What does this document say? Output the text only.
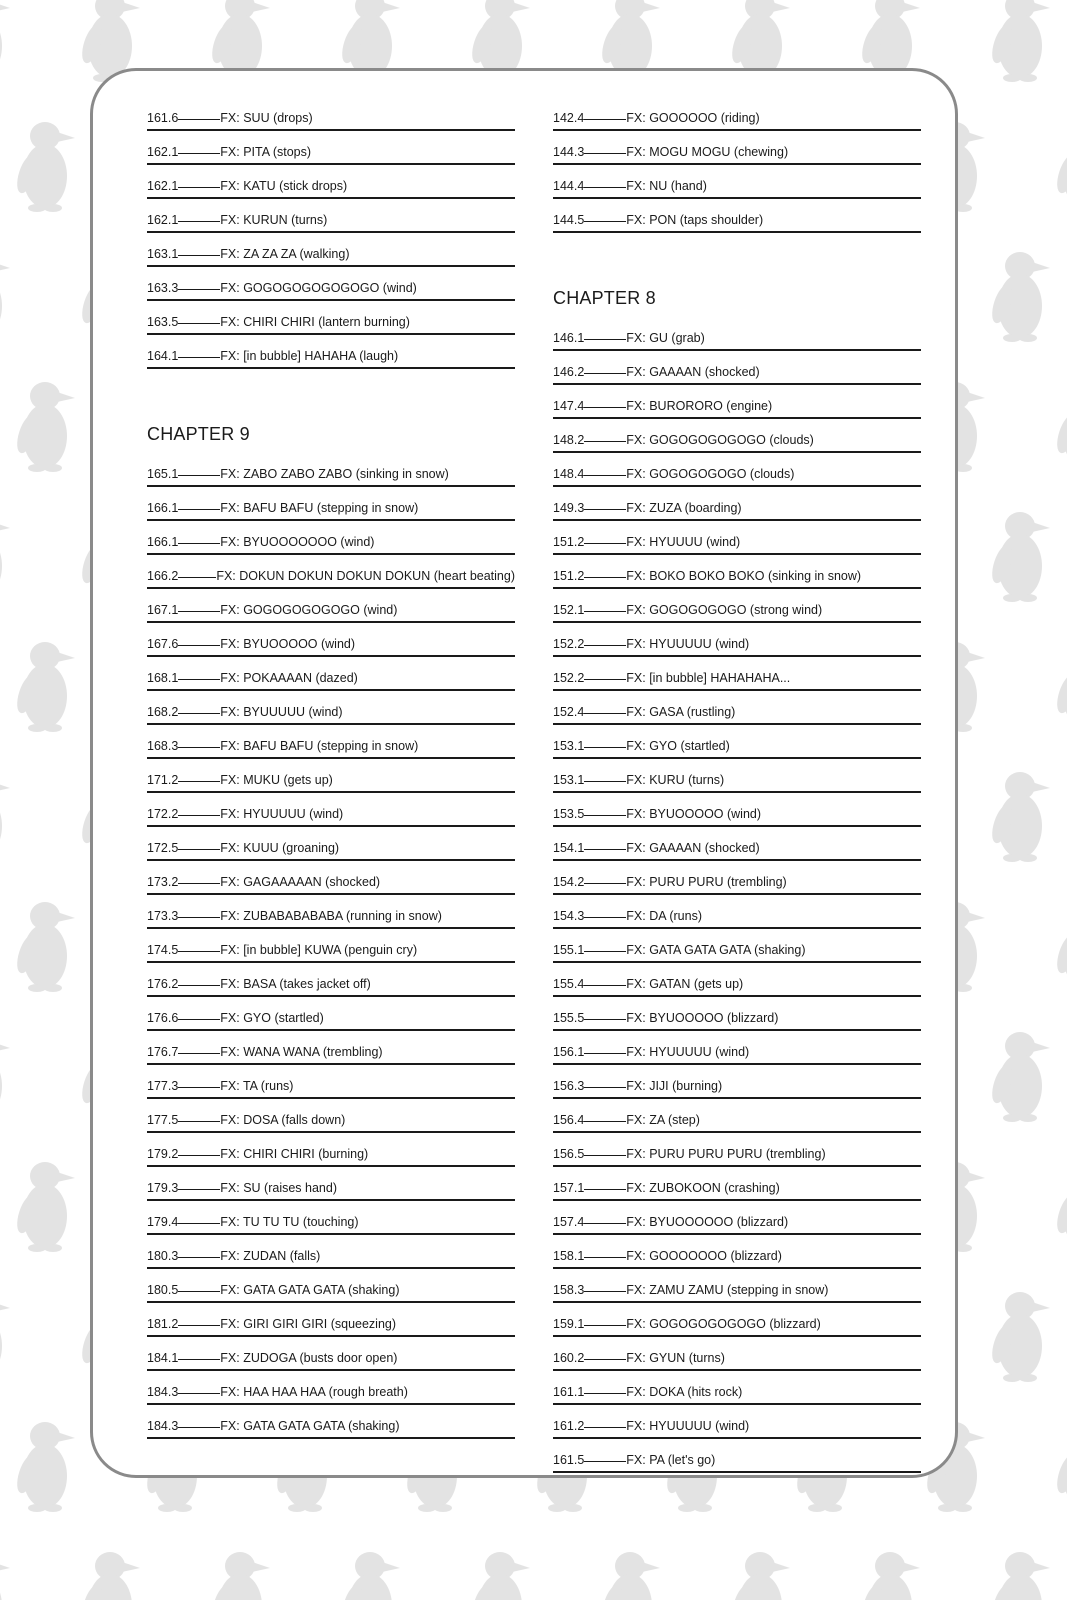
161.6	FX: SUU (drops)
162.1	FX: PITA (stops)
162.1	FX: KATU (stick drops)
162.1	FX: KURUN (turns)
163.1	FX: ZA ZA ZA (walking)
163.3	FX: GOGOGOGOGOGOGO (wind)
163.5	FX: CHIRI CHIRI (lantern burning)
164.1	FX: [in bubble] HAHAHA (laugh)
CHAPTER 9
165.1	FX: ZABO ZABO ZABO (sinking in snow)
166.1	FX: BAFU BAFU (stepping in snow)
166.1	FX: BYUOOOOOOO (wind)
166.2	FX: DOKUN DOKUN DOKUN DOKUN (heart beating)
167.1	FX: GOGOGOGOGOGO (wind)
167.6	FX: BYUOOOOO (wind)
168.1	FX: POKAAAAN (dazed)
168.2	FX: BYUUUUU (wind)
168.3	FX: BAFU BAFU (stepping in snow)
171.2	FX: MUKU (gets up)
172.2	FX: HYUUUUU (wind)
172.5	FX: KUUU (groaning)
173.2	FX: GAGAAAAAN (shocked)
173.3	FX: ZUBABABABABA (running in snow)
174.5	FX: [in bubble] KUWA (penguin cry)
176.2	FX: BASA (takes jacket off)
176.6	FX: GYO (startled)
176.7	FX: WANA WANA (trembling)
177.3	FX: TA (runs)
177.5	FX: DOSA (falls down)
179.2	FX: CHIRI CHIRI (burning)
179.3	FX: SU (raises hand)
179.4	FX: TU TU TU (touching)
180.3	FX: ZUDAN (falls)
180.5	FX: GATA GATA GATA (shaking)
181.2	FX: GIRI GIRI GIRI (squeezing)
184.1	FX: ZUDOGA (busts door open)
184.3	FX: HAA HAA HAA (rough breath)
184.3	FX: GATA GATA GATA (shaking)
142.4	FX: GOOOOOO (riding)
144.3	FX: MOGU MOGU (chewing)
144.4	FX: NU (hand)
144.5	FX: PON (taps shoulder)
CHAPTER 8
146.1	FX: GU (grab)
146.2	FX: GAAAAN (shocked)
147.4	FX: BURORORO (engine)
148.2	FX: GOGOGOGOGOGO (clouds)
148.4	FX: GOGOGOGOGO (clouds)
149.3	FX: ZUZA (boarding)
151.2	FX: HYUUUU (wind)
151.2	FX: BOKO BOKO BOKO (sinking in snow)
152.1	FX: GOGOGOGOGO (strong wind)
152.2	FX: HYUUUUU (wind)
152.2	FX: [in bubble] HAHAHAHA...
152.4	FX: GASA (rustling)
153.1	FX: GYO (startled)
153.1	FX: KURU (turns)
153.5	FX: BYUOOOOO (wind)
154.1	FX: GAAAAN (shocked)
154.2	FX: PURU PURU (trembling)
154.3	FX: DA (runs)
155.1	FX: GATA GATA GATA (shaking)
155.4	FX: GATAN (gets up)
155.5	FX: BYUOOOOO (blizzard)
156.1	FX: HYUUUUU (wind)
156.3	FX: JIJI (burning)
156.4	FX: ZA (step)
156.5	FX: PURU PURU PURU (trembling)
157.1	FX: ZUBOKOON (crashing)
157.4	FX: BYUOOOOOO (blizzard)
158.1	FX: GOOOOOOO (blizzard)
158.3	FX: ZAMU ZAMU (stepping in snow)
159.1	FX: GOGOGOGOGOGO (blizzard)
160.2	FX: GYUN (turns)
161.1	FX: DOKA (hits rock)
161.2	FX: HYUUUUU (wind)
161.5	FX: PA (let's go)
